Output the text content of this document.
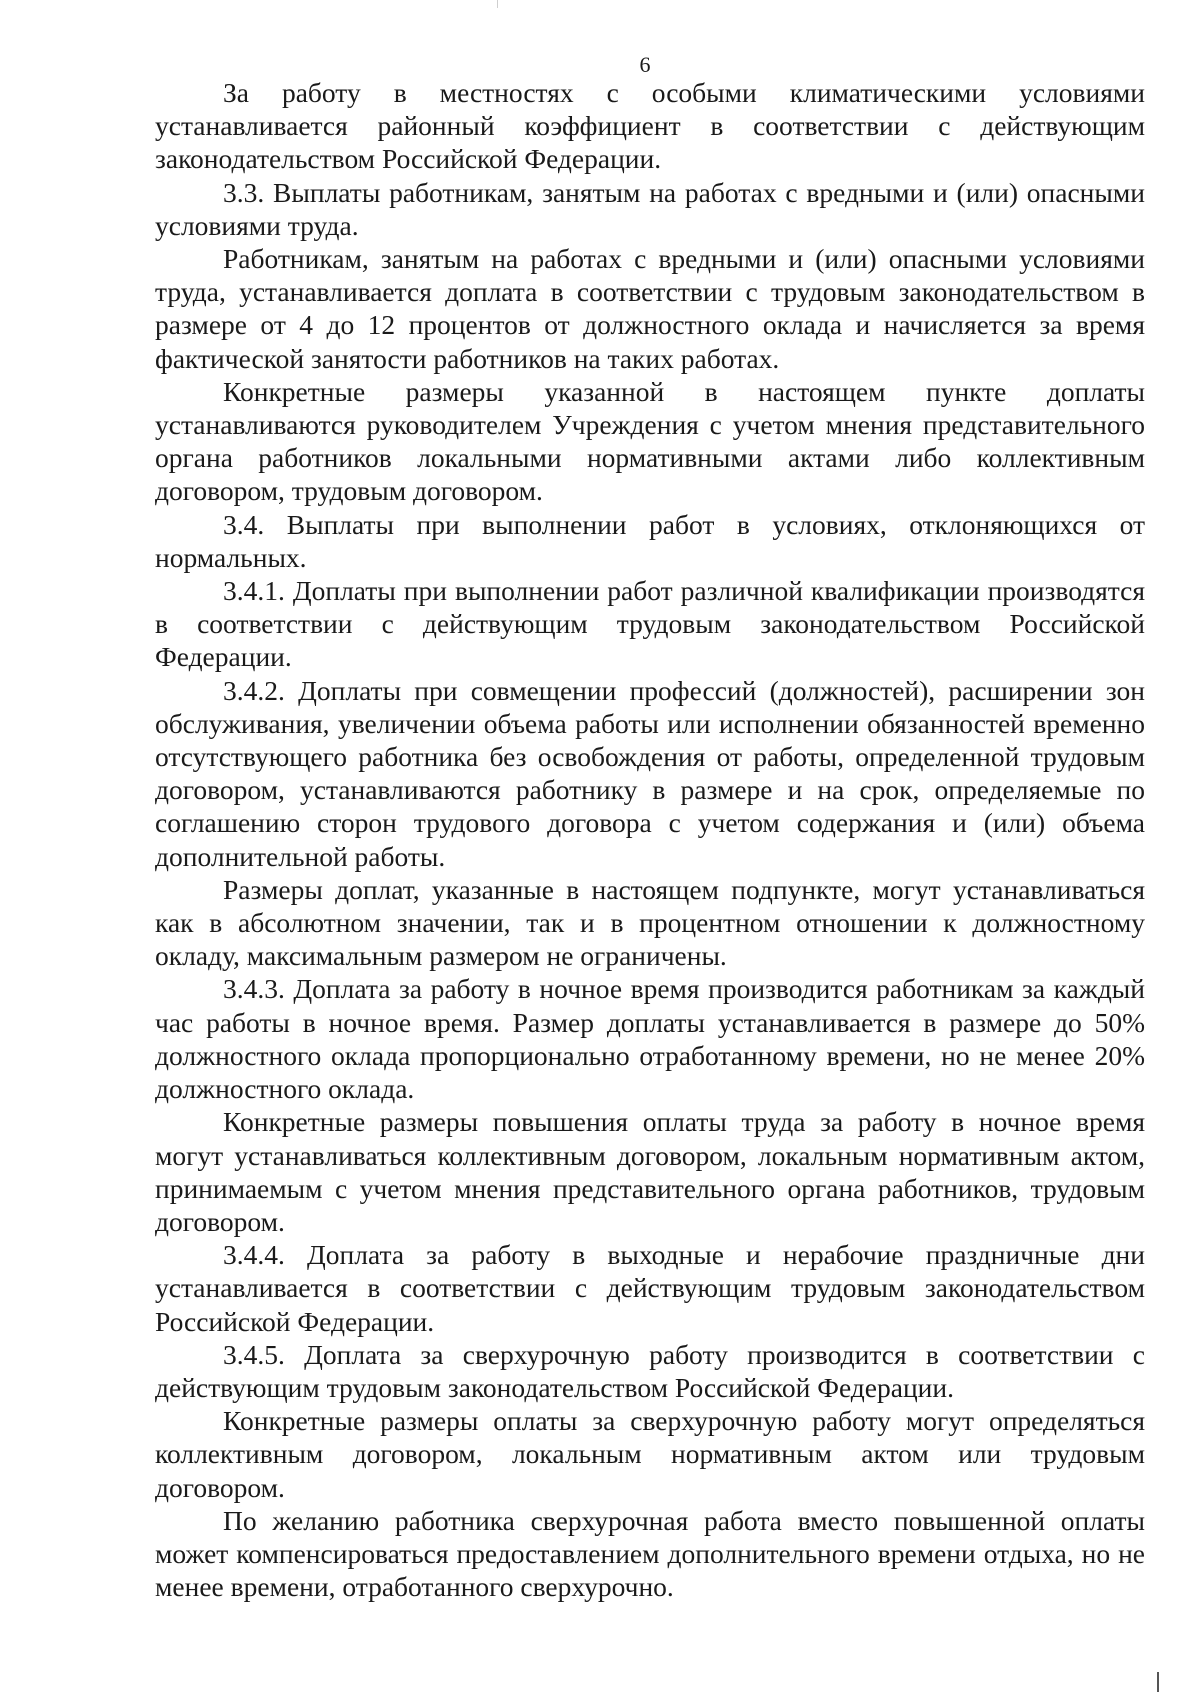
6

За работу в местностях с особыми климатическими условиями устанавливается районный коэффициент в соответствии с действующим законодательством Российской Федерации.

3.3. Выплаты работникам, занятым на работах с вредными и (или) опасными условиями труда.

Работникам, занятым на работах с вредными и (или) опасными условиями труда, устанавливается доплата в соответствии с трудовым законодательством в размере от 4 до 12 процентов от должностного оклада и начисляется за время фактической занятости работников на таких работах.

Конкретные размеры указанной в настоящем пункте доплаты устанавливаются руководителем Учреждения с учетом мнения представительного органа работников локальными нормативными актами либо коллективным договором, трудовым договором.

3.4. Выплаты при выполнении работ в условиях, отклоняющихся от нормальных.

3.4.1. Доплаты при выполнении работ различной квалификации производятся в соответствии с действующим трудовым законодательством Российской Федерации.

3.4.2. Доплаты при совмещении профессий (должностей), расширении зон обслуживания, увеличении объема работы или исполнении обязанностей временно отсутствующего работника без освобождения от работы, определенной трудовым договором, устанавливаются работнику в размере и на срок, определяемые по соглашению сторон трудового договора с учетом содержания и (или) объема дополнительной работы.

Размеры доплат, указанные в настоящем подпункте, могут устанавливаться как в абсолютном значении, так и в процентном отношении к должностному окладу, максимальным размером не ограничены.

3.4.3. Доплата за работу в ночное время производится работникам за каждый час работы в ночное время. Размер доплаты устанавливается в размере до 50% должностного оклада пропорционально отработанному времени, но не менее 20% должностного оклада.

Конкретные размеры повышения оплаты труда за работу в ночное время могут устанавливаться коллективным договором, локальным нормативным актом, принимаемым с учетом мнения представительного органа работников, трудовым договором.

3.4.4. Доплата за работу в выходные и нерабочие праздничные дни устанавливается в соответствии с действующим трудовым законодательством Российской Федерации.

3.4.5. Доплата за сверхурочную работу производится в соответствии с действующим трудовым законодательством Российской Федерации.

Конкретные размеры оплаты за сверхурочную работу могут определяться коллективным договором, локальным нормативным актом или трудовым договором.

По желанию работника сверхурочная работа вместо повышенной оплаты может компенсироваться предоставлением дополнительного времени отдыха, но не менее времени, отработанного сверхурочно.
